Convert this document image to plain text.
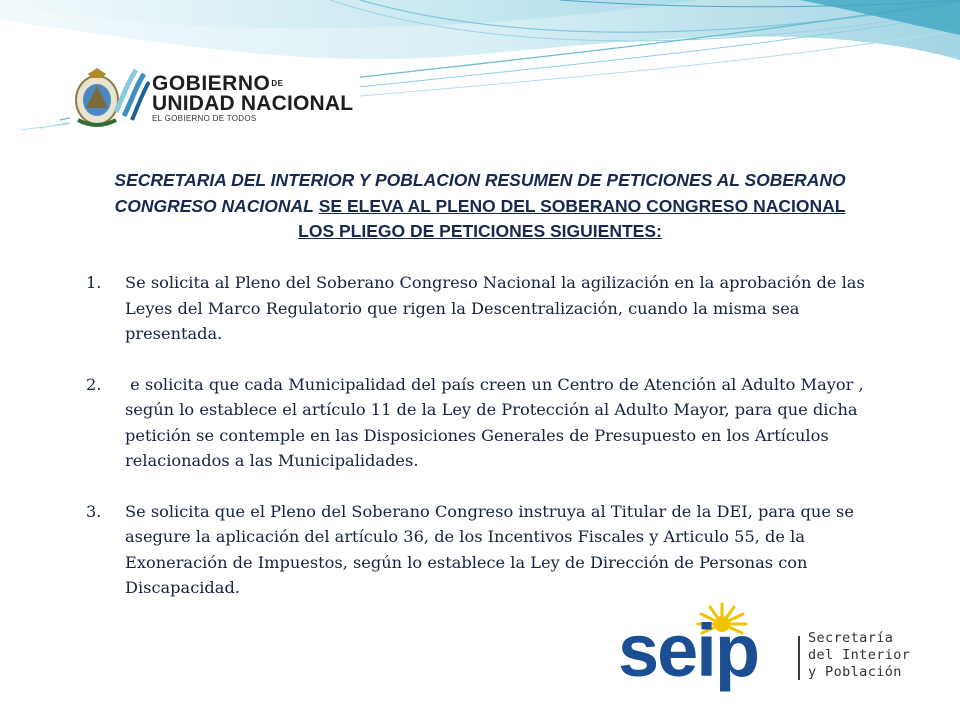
$GOBIERNO^{DE}$
UNIDAD NACIONAL
EL GOBIERNO DE TODOS
SECRETARIA DEL INTERIOR Y POBLACION RESUMEN DE PETICIONES AL SOBERANO CONGRESO NACIONAL SE ELEVA AL PLENO DEL SOBERANO CONGRESO NACIONAL LOS PLIEGO DE PETICIONES SIGUIENTES:
1. Se solicita al Pleno del Soberano Congreso Nacional la agilización en la aprobación de las Leyes del Marco Regulatorio que rigen la Descentralización, cuando la misma sea presentada.
2. e solicita que cada Municipalidad del país creen un Centro de Atención al Adulto Mayor ,  según lo establece el artículo 11 de la Ley de Protección al Adulto Mayor, para que dicha petición se contemple en las Disposiciones Generales de Presupuesto en los Artículos relacionados a las Municipalidades.
3. Se solicita que el Pleno del Soberano Congreso instruya al Titular de la DEI, para que se asegure la aplicación del artículo 36, de los Incentivos Fiscales y Articulo 55, de la Exoneración de Impuestos, según lo establece la Ley de Dirección de Personas con Discapacidad.
seip	Secretaría
del Interior
y Población
